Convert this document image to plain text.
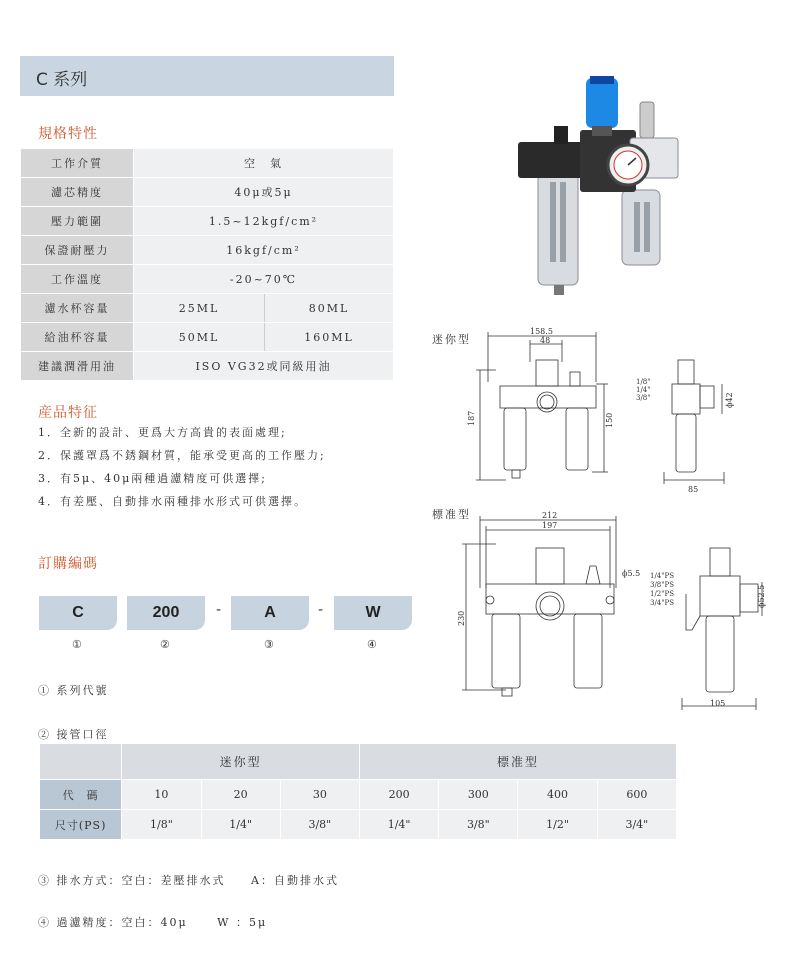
C 系列
規格特性
工作介質	空　氣	
濾芯精度	40μ或5μ	
壓力範圍	1.5~12kgf/cm²	
保證耐壓力	16kgf/cm²	
工作溫度	-20~70℃	
濾水杯容量	25ML	80ML
給油杯容量	50ML	160ML
建議潤滑用油	ISO VG32或同級用油	
産品特征
1．全新的設計、更爲大方高貴的表面處理;
2．保護罩爲不銹鋼材質，能承受更高的工作壓力;
3．有5μ、40μ兩種過濾精度可供選擇;
4．有差壓、自動排水兩種排水形式可供選擇。
訂購編碼
C	200	-	A	-	W
①	②	③	④
① 系列代號
② 接管口徑
	迷你型			標准型			
代　碼	10	20	30	200	300	400	600
尺寸(PS)	1/8"	1/4"	3/8"	1/4"	3/8"	1/2"	3/4"
③ 排水方式：空白：差壓排水式 A：自動排水式
④ 過濾精度：空白：40μ	W ：5μ
迷你型
158.5
48
187	150
85
ϕ42
1/8"
1/4"
3/8"
標准型	212
197
230
ϕ5.5
105
ϕ52.5
1/4"PS
3/8"PS
1/2"PS
3/4"PS
